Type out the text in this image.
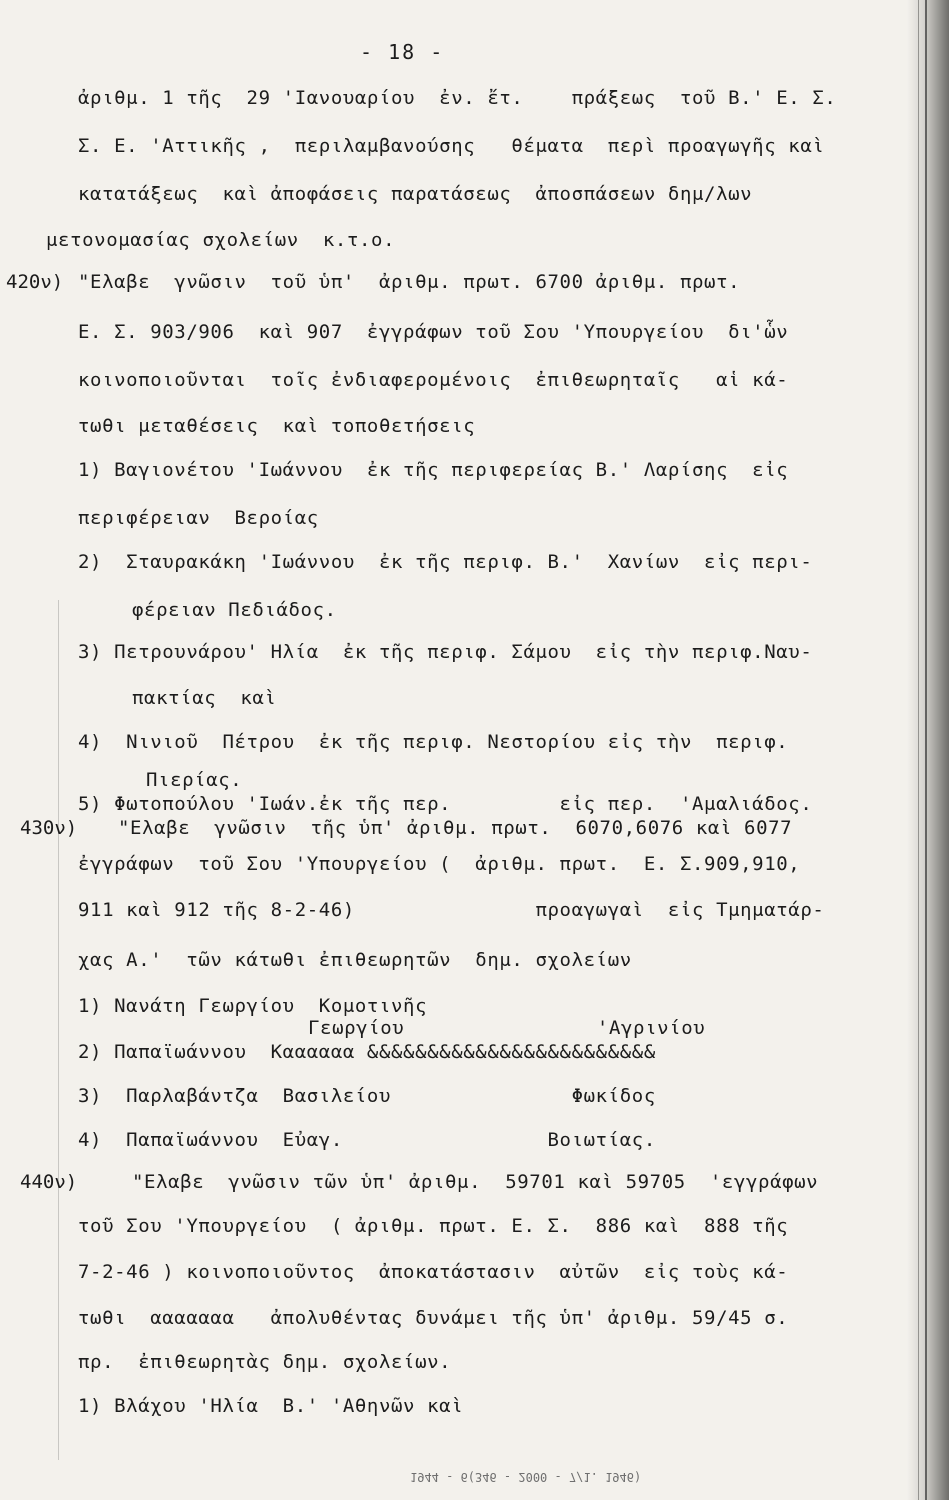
- 18 -
ἀριθμ. 1 τῆς  29 'Ιανουαρίου  ἐν. ἔτ.    πράξεως  τοῦ Β.' Ε. Σ.
Σ. Ε. 'Αττικῆς ,  περιλαμβανούσης   θέματα  περὶ προαγωγῆς καὶ
κατατάξεως  καὶ ἀποφάσεις παρατάσεως  ἀποσπάσεων δημ/λων
μετονομασίας σχολείων  κ.τ.ο.
"Ελαβε  γνῶσιν  τοῦ ὑπ'  ἀριθμ. πρωτ. 6700 ἀριθμ. πρωτ.
Ε. Σ. 903/906  καὶ 907  ἐγγράφων τοῦ Σου 'Υπουργείου  δι'ὧν
κοινοποιοῦνται  τοῖς ἐνδιαφερομένοις  ἐπιθεωρηταῖς   αἱ κά-
τωθι μεταθέσεις  καὶ τοποθετήσεις
1) Βαγιονέτου 'Ιωάννου  ἐκ τῆς περιφερείας Β.' Λαρίσης  εἰς
περιφέρειαν  Βεροίας
2)  Σταυρακάκη 'Ιωάννου  ἐκ τῆς περιφ. Β.'  Χανίων  εἰς περι-
φέρειαν Πεδιάδος.
3) Πετρουνάρου' Ηλία  ἐκ τῆς περιφ. Σάμου  εἰς τὴν περιφ.Ναυ-
πακτίας  καὶ
4)  Νινιοῦ  Πέτρου  ἐκ τῆς περιφ. Νεστορίου εἰς τὴν  περιφ.
Πιερίας.
5) Φωτοπούλου 'Ιωάν.ἐκ τῆς περ.         εἰς περ.  'Αμαλιάδος.
"Ελαβε  γνῶσιν  τῆς ὑπ' ἀριθμ. πρωτ.  6070,6076 καὶ 6077
ἐγγράφων  τοῦ Σου 'Υπουργείου (  ἀριθμ. πρωτ.  Ε. Σ.909,910,
911 καὶ 912 τῆς 8-2-46)               προαγωγαὶ  εἰς Τμηματάρ-
χας Α.'  τῶν κάτωθι ἐπιθεωρητῶν  δημ. σχολείων
1) Νανάτη Γεωργίου  Κομοτινῆς
Γεωργίου                'Αγρινίου
2) Παπαϊωάννου  Καααααα &&&&&&&&&&&&&&&&&&&&&&&&
3)  Παρλαβάντζα  Βασιλείου               Φωκίδος
4)  Παπαϊωάννου  Εὐαγ.                 Βοιωτίας.
"Ελαβε  γνῶσιν τῶν ὑπ' ἀριθμ.  59701 καὶ 59705  'εγγράφων
τοῦ Σου 'Υπουργείου  ( ἀριθμ. πρωτ. Ε. Σ.  886 καὶ  888 τῆς
7-2-46 ) κοινοποιοῦντος  ἀποκατάστασιν  αὐτῶν  εἰς τοὺς κά-
τωθι  ααααααα   ἀπολυθέντας δυνάμει τῆς ὑπ' ἀριθμ. 59/45 σ.
πρ.  ἐπιθεωρητὰς δημ. σχολείων.
1) Βλάχου 'Ηλία  Β.' 'Αθηνῶν καὶ
420ν)
430ν)
440ν)
1944 - 6(346 - 2000 - 7/1. 1946)
